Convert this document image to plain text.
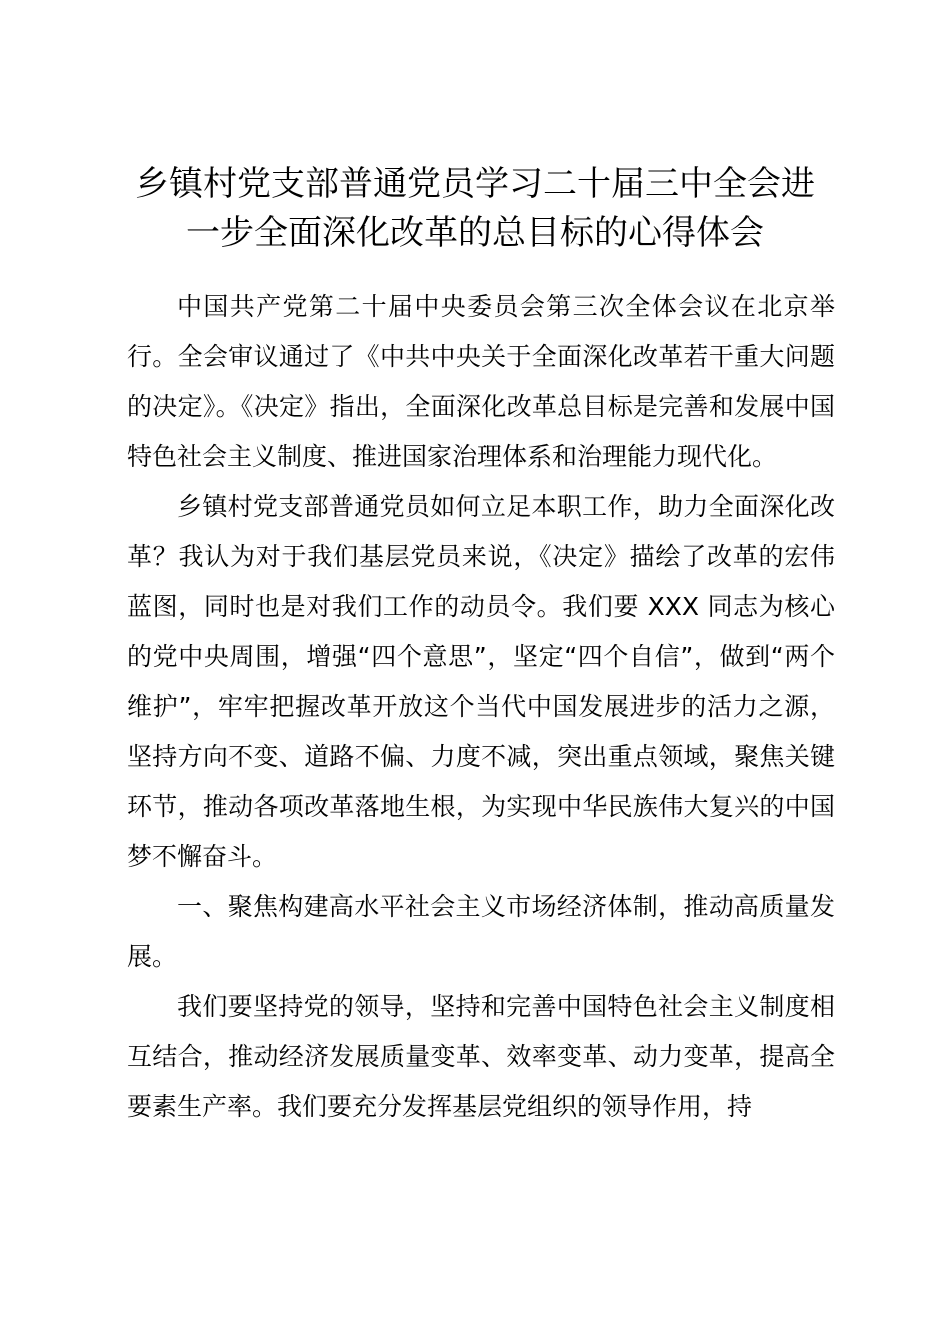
乡镇村党支部普通党员学习二十届三中全会进
一步全面深化改革的总目标的心得体会

中国共产党第二十届中央委员会第三次全体会议在北京举行。全会审议通过了《中共中央关于全面深化改革若干重大问题的决定》。《决定》指出，全面深化改革总目标是完善和发展中国特色社会主义制度、推进国家治理体系和治理能力现代化。

乡镇村党支部普通党员如何立足本职工作，助力全面深化改革？我认为对于我们基层党员来说，《决定》描绘了改革的宏伟蓝图，同时也是对我们工作的动员令。我们要 XXX 同志为核心的党中央周围，增强“四个意思”，坚定“四个自信”，做到“两个维护”，牢牢把握改革开放这个当代中国发展进步的活力之源，坚持方向不变、道路不偏、力度不减，突出重点领域，聚焦关键环节，推动各项改革落地生根，为实现中华民族伟大复兴的中国梦不懈奋斗。

一、聚焦构建高水平社会主义市场经济体制，推动高质量发展。

我们要坚持党的领导，坚持和完善中国特色社会主义制度相互结合，推动经济发展质量变革、效率变革、动力变革，提高全要素生产率。我们要充分发挥基层党组织的领导作用，持
